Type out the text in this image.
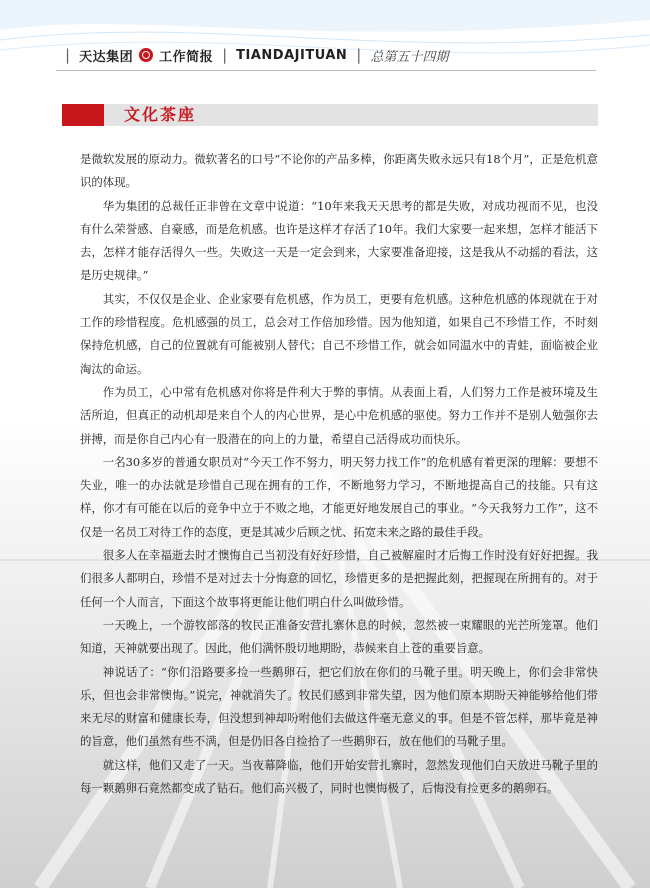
| 天达集团 工作简报 | TIANDAJITUAN | 总第五十四期
文化茶座

是微软发展的原动力。微软著名的口号“不论你的产品多棒，你距离失败永远只有18个月”，正是危机意识的体现。

华为集团的总裁任正非曾在文章中说道：“10年来我天天思考的都是失败，对成功视而不见，也没有什么荣誉感、自豪感，而是危机感。也许是这样才存活了10年。我们大家要一起来想，怎样才能活下去，怎样才能存活得久一些。失败这一天是一定会到来，大家要准备迎接，这是我从不动摇的看法，这是历史规律。”

其实，不仅仅是企业、企业家要有危机感，作为员工，更要有危机感。这种危机感的体现就在于对工作的珍惜程度。危机感强的员工，总会对工作倍加珍惜。因为他知道，如果自己不珍惜工作，不时刻保持危机感，自己的位置就有可能被别人替代；自己不珍惜工作，就会如同温水中的青蛙，面临被企业淘汰的命运。

作为员工，心中常有危机感对你将是件利大于弊的事情。从表面上看，人们努力工作是被环境及生活所迫，但真正的动机却是来自个人的内心世界，是心中危机感的驱使。努力工作并不是别人勉强你去拼搏，而是你自己内心有一股潜在的向上的力量，希望自己活得成功而快乐。

一名30多岁的普通女职员对“今天工作不努力，明天努力找工作”的危机感有着更深的理解：要想不失业，唯一的办法就是珍惜自己现在拥有的工作，不断地努力学习，不断地提高自己的技能。只有这样，你才有可能在以后的竞争中立于不败之地，才能更好地发展自己的事业。“今天我努力工作”，这不仅是一名员工对待工作的态度，更是其减少后顾之忧、拓宽未来之路的最佳手段。

很多人在幸福逝去时才懊悔自己当初没有好好珍惜，自己被解雇时才后悔工作时没有好好把握。我们很多人都明白，珍惜不是对过去十分悔意的回忆，珍惜更多的是把握此刻，把握现在所拥有的。对于任何一个人而言，下面这个故事将更能让他们明白什么叫做珍惜。

一天晚上，一个游牧部落的牧民正准备安营扎寨休息的时候，忽然被一束耀眼的光芒所笼罩。他们知道，天神就要出现了。因此，他们满怀殷切地期盼，恭候来自上苍的重要旨意。

神说话了：“你们沿路要多捡一些鹅卵石，把它们放在你们的马靴子里。明天晚上，你们会非常快乐，但也会非常懊悔。”说完，神就消失了。牧民们感到非常失望，因为他们原本期盼天神能够给他们带来无尽的财富和健康长寿，但没想到神却吩咐他们去做这件毫无意义的事。但是不管怎样，那毕竟是神的旨意，他们虽然有些不满，但是仍旧各自捡拾了一些鹅卵石，放在他们的马靴子里。

就这样，他们又走了一天。当夜幕降临，他们开始安营扎寨时，忽然发现他们白天放进马靴子里的每一颗鹅卵石竟然都变成了钻石。他们高兴极了，同时也懊悔极了，后悔没有捡更多的鹅卵石。
